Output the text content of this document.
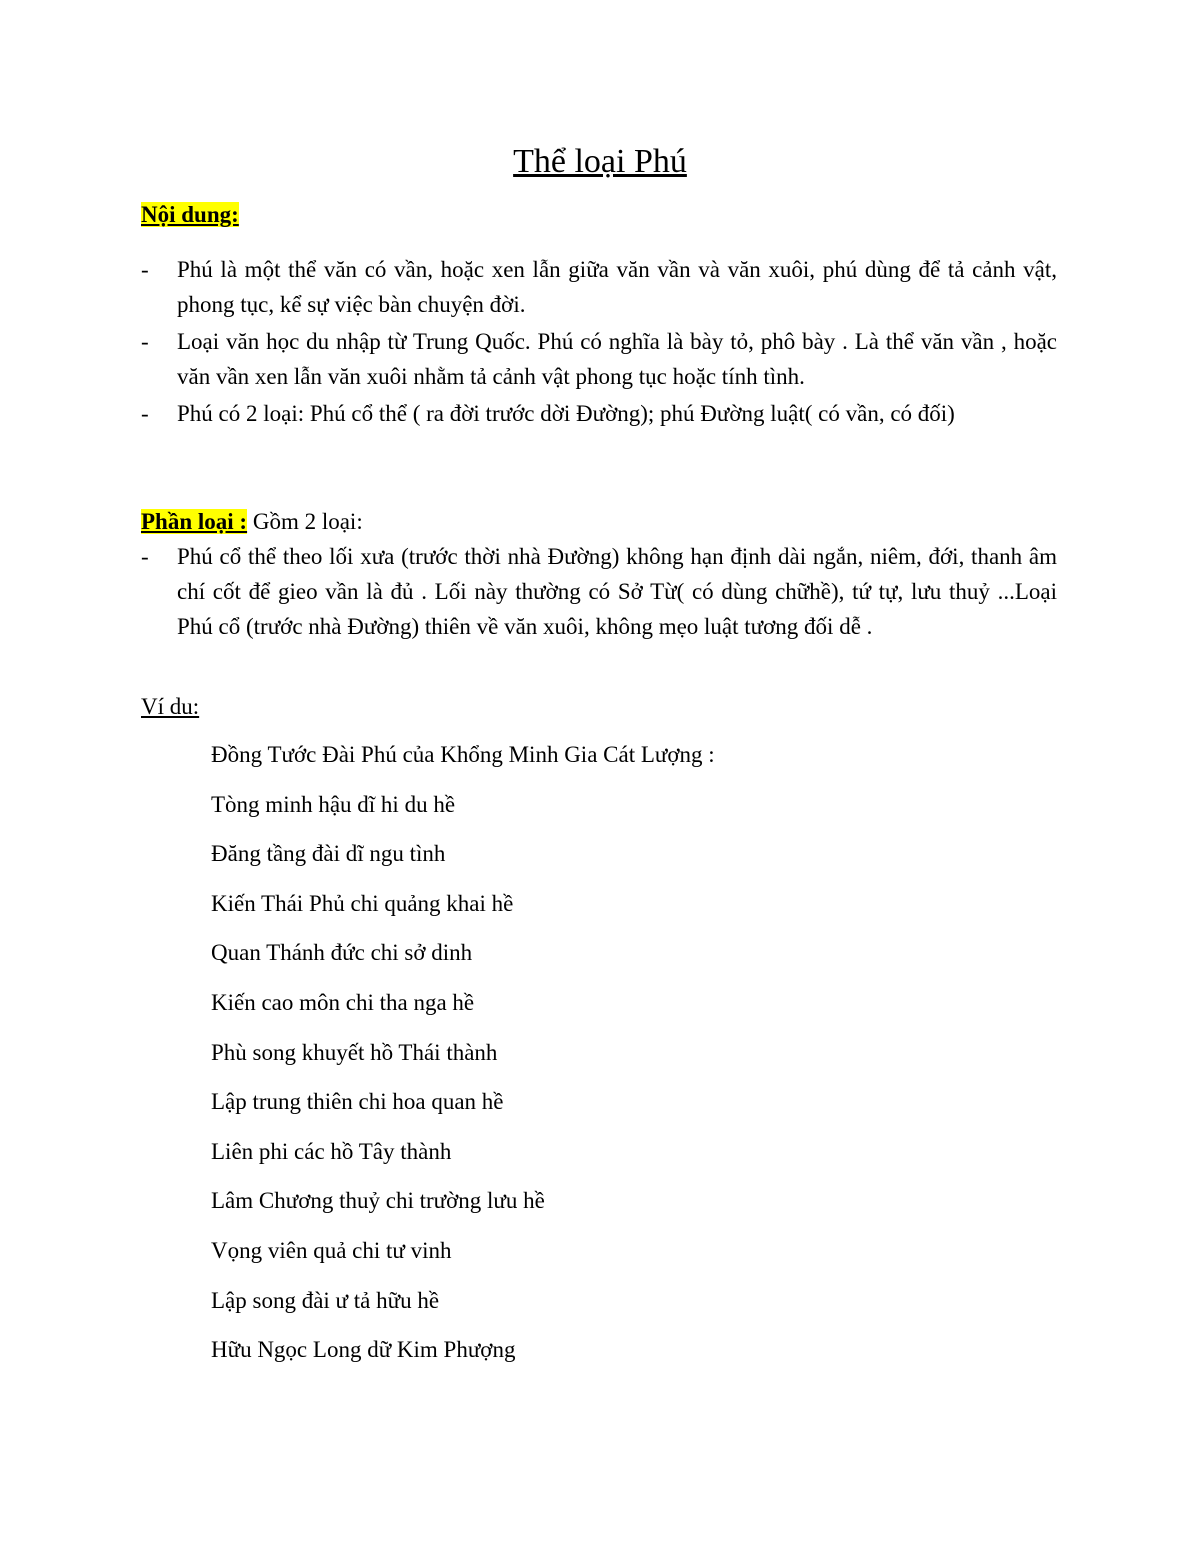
Thể loại Phú
Nội dung:
- Phú là một thể văn có vần, hoặc xen lẫn giữa văn vần và văn xuôi, phú dùng để tả cảnh vật, phong tục, kể sự việc bàn chuyện đời.
- Loại văn học du nhập từ Trung Quốc. Phú có nghĩa là bày tỏ, phô bày . Là thể văn vần , hoặc văn vần xen lẫn văn xuôi nhằm tả cảnh vật phong tục hoặc tính tình.
- Phú có 2 loại: Phú cổ thể ( ra đời trước dời Đường); phú Đường luật( có vần, có đối)
Phần loại : Gồm 2 loại:
- Phú cổ thể theo lối xưa (trước thời nhà Đường) không hạn định dài ngắn, niêm, đới, thanh âm chí cốt để gieo vần là đủ . Lối này thường có Sở Từ( có dùng chữhề), tứ tự, lưu thuỷ ...Loại Phú cổ (trước nhà Đường) thiên về văn xuôi, không mẹo luật tương đối dễ .
Ví du:
Đồng Tước Đài Phú của Khổng Minh Gia Cát Lượng :
Tòng minh hậu dĩ hi du hề
Đăng tầng đài dĩ ngu tình
Kiến Thái Phủ chi quảng khai hề
Quan Thánh đức chi sở dinh
Kiến cao môn chi tha nga hề
Phù song khuyết hồ Thái thành
Lập trung thiên chi hoa quan hề
Liên phi các hồ Tây thành
Lâm Chương thuỷ chi trường lưu hề
Vọng viên quả chi tư vinh
Lập song đài ư tả hữu hề
Hữu Ngọc Long dữ Kim Phượng
